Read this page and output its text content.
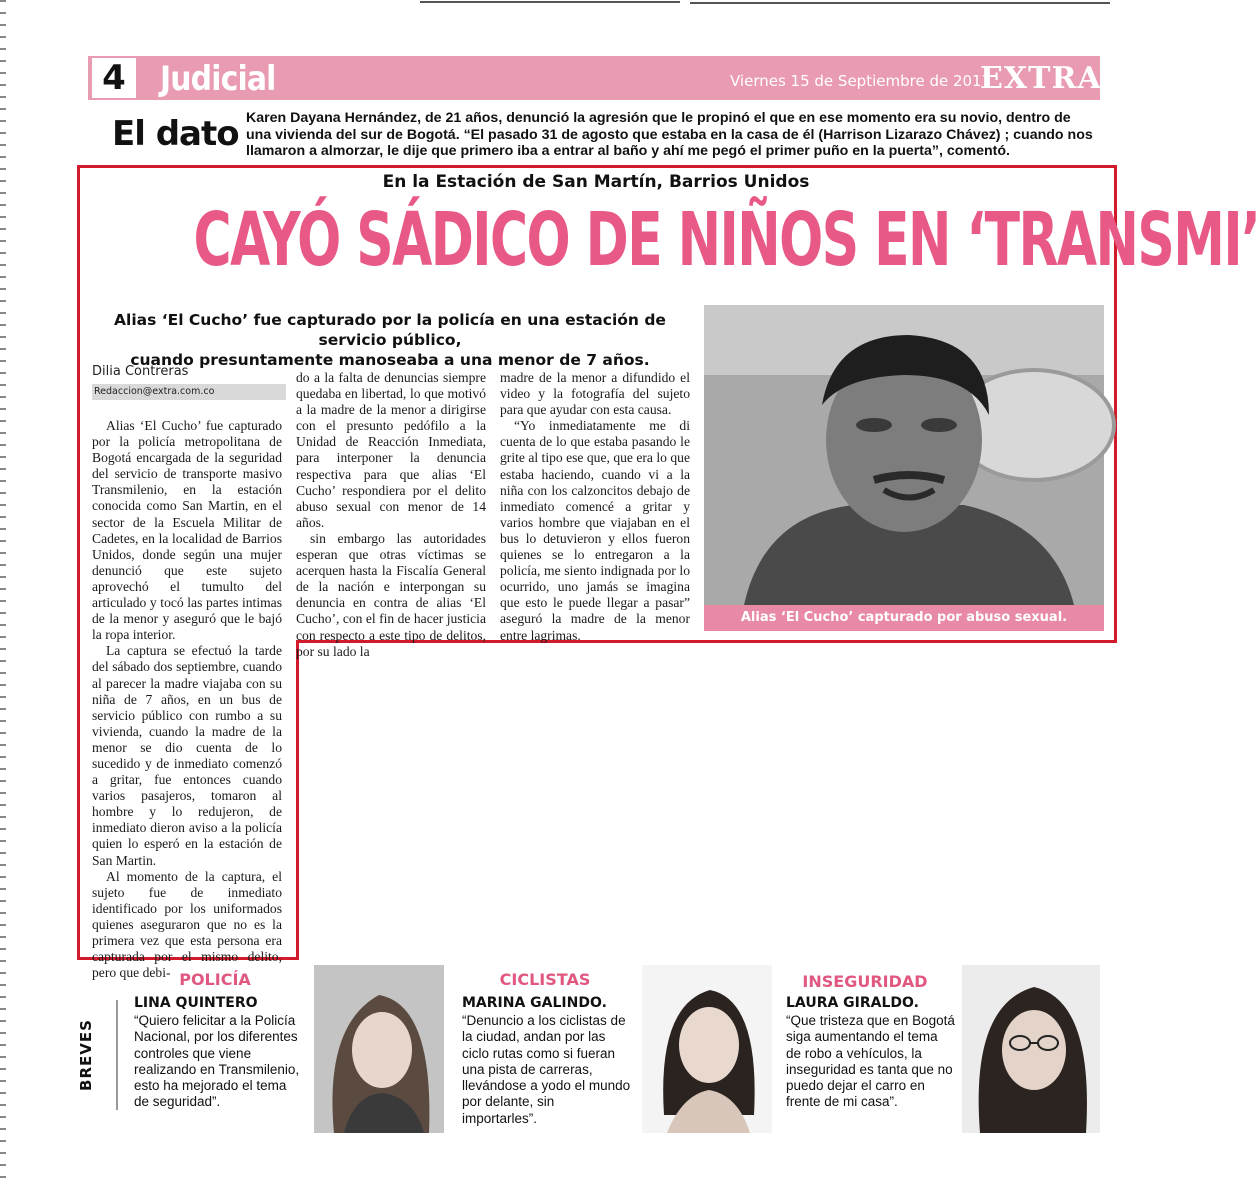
4 Judicial	Viernes 15 de Septiembre de 2017
EXTRA
El dato Karen Dayana Hernández, de 21 años, denunció la agresión que le propinó el que en ese momento era su novio, dentro de una vivienda del sur de Bogotá. “El pasado 31 de agosto que estaba en la casa de él (Harrison Lizarazo Chávez) ; cuando nos llamaron a almorzar, le dije que primero iba a entrar al baño y ahí me pegó el primer puño en la puerta”, comentó.
En la Estación de San Martín, Barrios Unidos
CAYÓ SÁDICO DE NIÑOS EN ‘TRANSMI’
Alias ‘El Cucho’ fue capturado por la policía en una estación de servicio público,
cuando presuntamente manoseaba a una menor de 7 años.
Dilia Contreras
Redaccion@extra.com.co

Alias ‘El Cucho’ fue capturado por la policía metropolitana de Bogotá encargada de la seguridad del servicio de transporte masivo Transmilenio, en la estación conocida como San Martin, en el sector de la Escuela Militar de Cadetes, en la localidad de Barrios Unidos, donde según una mujer denunció que este sujeto aprovechó el tumulto del articulado y tocó las partes intimas de la menor y aseguró que le bajó la ropa interior.

La captura se efectuó la tarde del sábado dos septiembre, cuando al parecer la madre viajaba con su niña de 7 años, en un bus de servicio público con rumbo a su vivienda, cuando la madre de la menor se dio cuenta de lo sucedido y de inmediato comenzó a gritar, fue entonces cuando varios pasajeros, tomaron al hombre y lo redujeron, de inmediato dieron aviso a la policía quien lo esperó en la estación de San Martin.

Al momento de la captura, el sujeto fue de inmediato identificado por los uniformados quienes aseguraron que no es la primera vez que esta persona era capturada por el mismo delito, pero que debi-

do a la falta de denuncias siempre quedaba en libertad, lo que motivó a la madre de la menor a dirigirse con el presunto pedófilo a la Unidad de Reacción Inmediata, para interponer la denuncia respectiva para que alias ‘El Cucho’ respondiera por el delito abuso sexual con menor de 14 años.

sin embargo las autoridades esperan que otras víctimas se acerquen hasta la Fiscalía General de la nación e interpongan su denuncia en contra de alias ‘El Cucho’, con el fin de hacer justicia con respecto a este tipo de delitos, por su lado la

madre de la menor a difundido el video y la fotografía del sujeto para que ayudar con esta causa.

“Yo inmediatamente me di cuenta de lo que estaba pasando le grite al tipo ese que, que era lo que estaba haciendo, cuando vi a la niña con los calzoncitos debajo de inmediato comencé a gritar y varios hombre que viajaban en el bus lo detuvieron y ellos fueron quienes se lo entregaron a la policía, me siento indignada por lo ocurrido, uno jamás se imagina que esto le puede llegar a pasar” aseguró la madre de la menor entre lagrimas.

Alias ‘El Cucho’ capturado por abuso sexual.
BREVES
POLICÍA
LINA QUINTERO
“Quiero felicitar a la Policía Nacional, por los diferentes controles que viene realizando en Transmilenio, esto ha mejorado el tema de seguridad”.
CICLISTAS
MARINA GALINDO.
“Denuncio a los ciclistas de la ciudad, andan por las ciclo rutas como si fueran una pista de carreras, llevándose a yodo el mundo por delante, sin importarles”.
INSEGURIDAD
LAURA GIRALDO.
“Que tristeza que en Bogotá siga aumentando el tema de robo a vehículos, la inseguridad es tanta que no puedo dejar el carro en frente de mi casa”.
